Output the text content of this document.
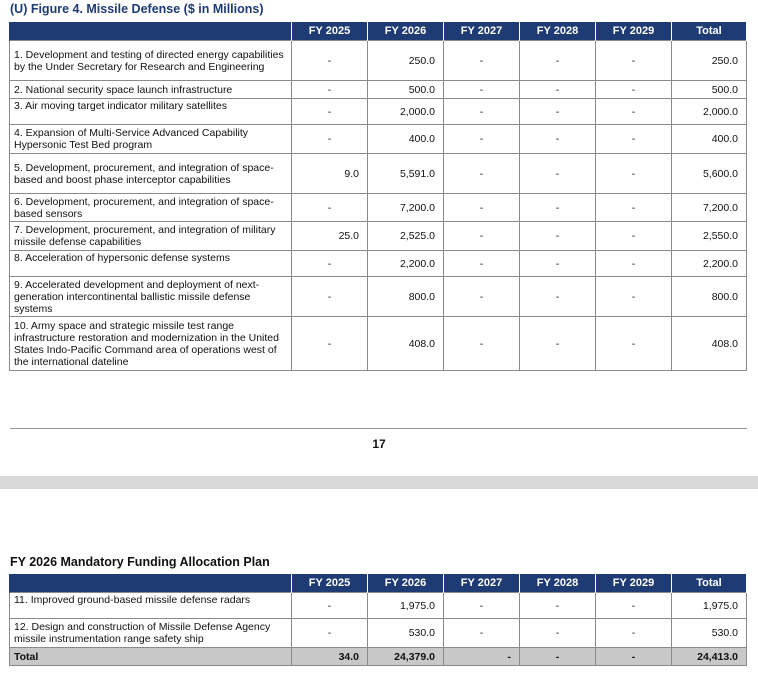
(U) Figure 4. Missile Defense ($ in Millions)
	FY 2025	FY 2026	FY 2027	FY 2028	FY 2029	Total
1. Development and testing of directed energy capabilities by the Under Secretary for Research and Engineering	-	250.0	-	-	-	250.0
2. National security space launch infrastructure	-	500.0	-	-	-	500.0
3. Air moving target indicator military satellites	-	2,000.0	-	-	-	2,000.0
4. Expansion of Multi-Service Advanced Capability Hypersonic Test Bed program	-	400.0	-	-	-	400.0
5. Development, procurement, and integration of space-based and boost phase interceptor capabilities	9.0	5,591.0	-	-	-	5,600.0
6. Development, procurement, and integration of space-based sensors	-	7,200.0	-	-	-	7,200.0
7. Development, procurement, and integration of military missile defense capabilities	25.0	2,525.0	-	-	-	2,550.0
8. Acceleration of hypersonic defense systems	-	2,200.0	-	-	-	2,200.0
9. Accelerated development and deployment of next-generation intercontinental ballistic missile defense systems	-	800.0	-	-	-	800.0
10. Army space and strategic missile test range infrastructure restoration and modernization in the United States Indo-Pacific Command area of operations west of the international dateline	-	408.0	-	-	-	408.0
17
FY 2026 Mandatory Funding Allocation Plan
	FY 2025	FY 2026	FY 2027	FY 2028	FY 2029	Total
11. Improved ground-based missile defense radars	-	1,975.0	-	-	-	1,975.0
12. Design and construction of Missile Defense Agency missile instrumentation range safety ship	-	530.0	-	-	-	530.0
Total	34.0	24,379.0	-	-	-	24,413.0
